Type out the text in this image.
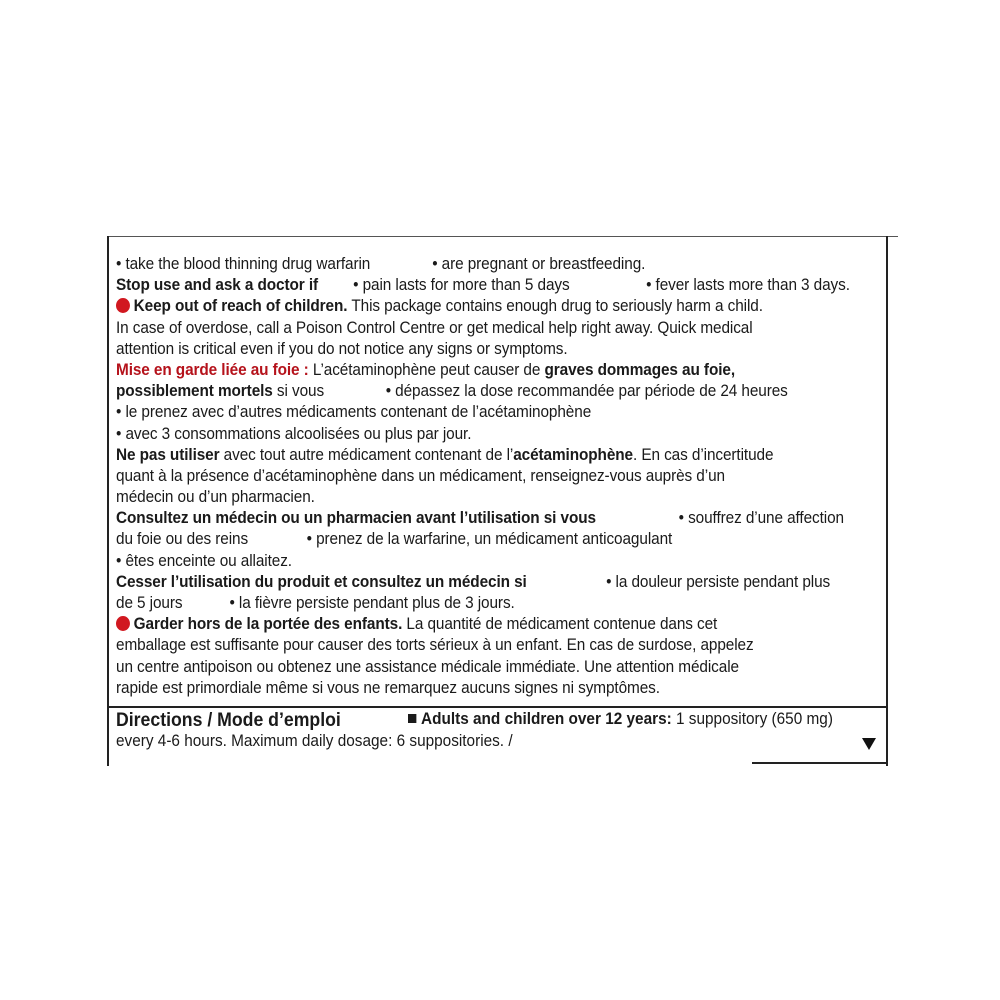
• take the blood thinning drug warfarin	• are pregnant or breastfeeding.
Stop use and ask a doctor if • pain lasts for more than 5 days	• fever lasts more than 3 days.
Keep out of reach of children. This package contains enough drug to seriously harm a child.
In case of overdose, call a Poison Control Centre or get medical help right away. Quick medical
attention is critical even if you do not notice any signs or symptoms.
Mise en garde liée au foie : L’acétaminophène peut causer de graves dommages au foie,
possiblement mortels si vous	• dépassez la dose recommandée par période de 24 heures
• le prenez avec d’autres médicaments contenant de l’acétaminophène
• avec 3 consommations alcoolisées ou plus par jour.
Ne pas utiliser avec tout autre médicament contenant de l’acétaminophène. En cas d’incertitude
quant à la présence d’acétaminophène dans un médicament, renseignez-vous auprès d’un
médecin ou d’un pharmacien.
Consultez un médecin ou un pharmacien avant l’utilisation si vous	• souffrez d’une affection
du foie ou des reins	• prenez de la warfarine, un médicament anticoagulant
• êtes enceinte ou allaitez.
Cesser l’utilisation du produit et consultez un médecin si	• la douleur persiste pendant plus
de 5 jours	• la fièvre persiste pendant plus de 3 jours.
Garder hors de la portée des enfants. La quantité de médicament contenue dans cet
emballage est suffisante pour causer des torts sérieux à un enfant. En cas de surdose, appelez
un centre antipoison ou obtenez une assistance médicale immédiate. Une attention médicale
rapide est primordiale même si vous ne remarquez aucuns signes ni symptômes.
Directions / Mode d’emploi	Adults and children over 12 years: 1 suppository (650 mg)
every 4-6 hours. Maximum daily dosage: 6 suppositories. /
